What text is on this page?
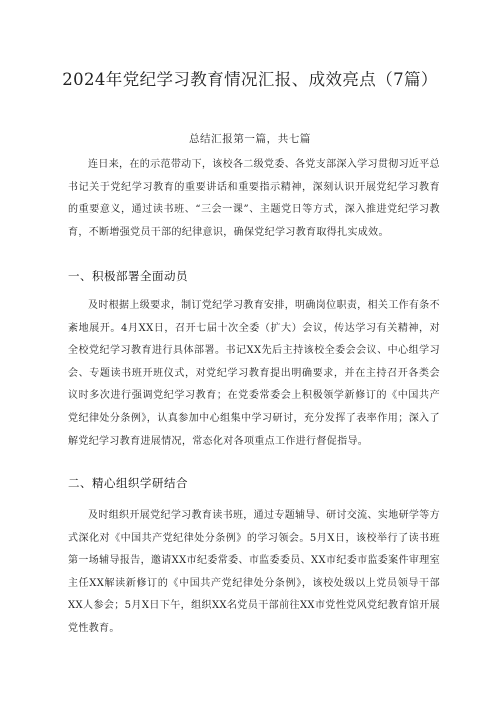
2024年党纪学习教育情况汇报、成效亮点（7篇）

总结汇报第一篇，共七篇

连日来，在的示范带动下，该校各二级党委、各党支部深入学习贯彻习近平总书记关于党纪学习教育的重要讲话和重要指示精神，深刻认识开展党纪学习教育的重要意义，通过读书班、“三会一课”、主题党日等方式，深入推进党纪学习教育，不断增强党员干部的纪律意识，确保党纪学习教育取得扎实成效。

一、积极部署全面动员

及时根据上级要求，制订党纪学习教育安排，明确岗位职责，相关工作有条不紊地展开。4月XX日，召开七届十次全委（扩大）会议，传达学习有关精神，对全校党纪学习教育进行具体部署。书记XX先后主持该校全委会会议、中心组学习会、专题读书班开班仪式，对党纪学习教育提出明确要求，并在主持召开各类会议时多次进行强调党纪学习教育；在党委常委会上积极领学新修订的《中国共产党纪律处分条例》，认真参加中心组集中学习研讨，充分发挥了表率作用；深入了解党纪学习教育进展情况，常态化对各项重点工作进行督促指导。

二、精心组织学研结合

及时组织开展党纪学习教育读书班，通过专题辅导、研讨交流、实地研学等方式深化对《中国共产党纪律处分条例》的学习领会。5月X日，该校举行了读书班第一场辅导报告，邀请XX市纪委常委、市监委委员、XX市纪委市监委案件审理室主任XX解读新修订的《中国共产党纪律处分条例》，该校处级以上党员领导干部XX人参会；5月X日下午，组织XX名党员干部前往XX市党性党风党纪教育馆开展党性教育。
